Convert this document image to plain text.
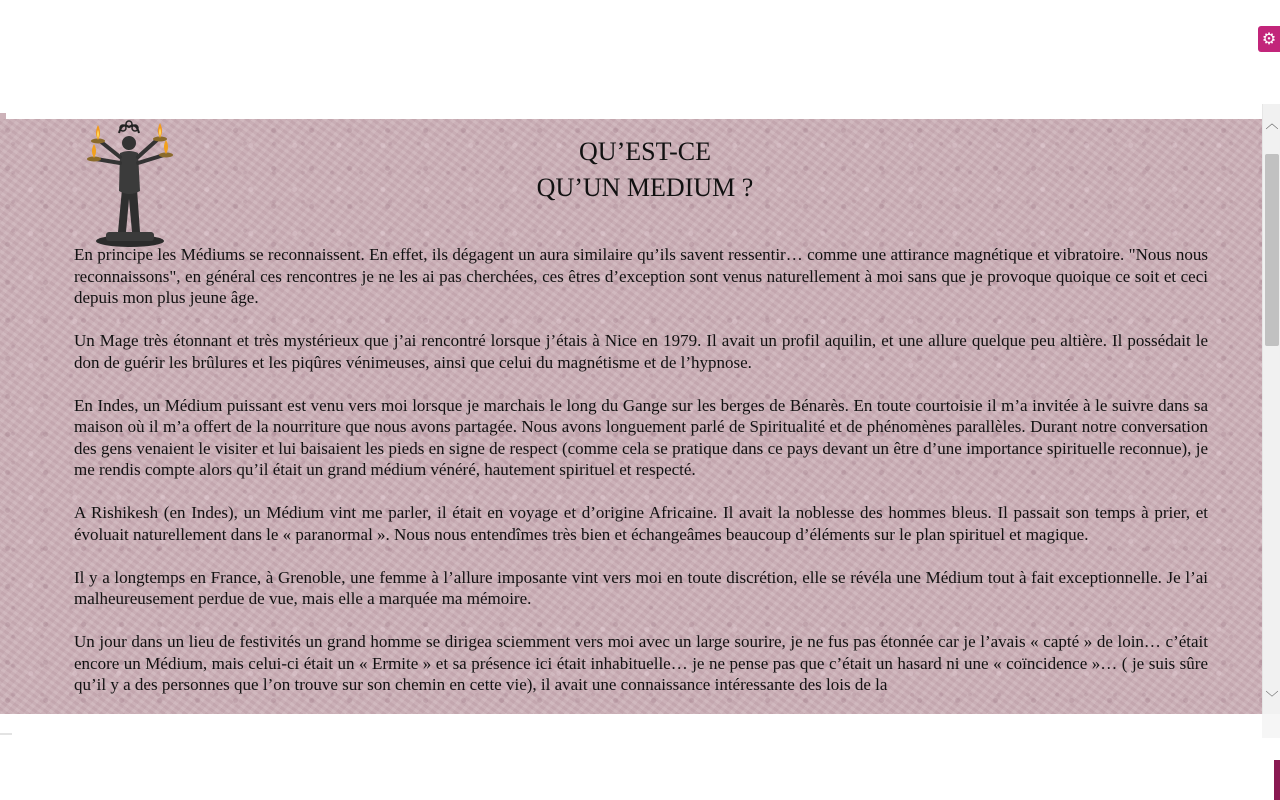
QU’EST-CE
QU’UN MEDIUM ?

En principe les Médiums se reconnaissent. En effet, ils dégagent un aura similaire qu’ils savent ressentir… comme une attirance magnétique et vibratoire. "Nous nous reconnaissons", en général ces rencontres je ne les ai pas cherchées, ces êtres d’exception sont venus naturellement à moi sans que je provoque quoique ce soit et ceci depuis mon plus jeune âge.

Un Mage très étonnant et très mystérieux que j’ai rencontré lorsque j’étais à Nice en 1979. Il avait un profil aquilin, et une allure quelque peu altière. Il possédait le don de guérir les brûlures et les piqûres vénimeuses, ainsi que celui du magnétisme et de l’hypnose.

En Indes, un Médium puissant est venu vers moi lorsque je marchais le long du Gange sur les berges de Bénarès. En toute courtoisie il m’a invitée à le suivre dans sa maison où il m’a offert de la nourriture que nous avons partagée. Nous avons longuement parlé de Spiritualité et de phénomènes parallèles. Durant notre conversation des gens venaient le visiter et lui baisaient les pieds en signe de respect (comme cela se pratique dans ce pays devant un être d’une importance spirituelle reconnue), je me rendis compte alors qu’il était un grand médium vénéré, hautement spirituel et respecté.

A Rishikesh (en Indes), un Médium vint me parler, il était en voyage et d’origine Africaine. Il avait la noblesse des hommes bleus. Il passait son temps à prier, et évoluait naturellement dans le « paranormal ». Nous nous entendîmes très bien et échangeâmes beaucoup d’éléments sur le plan spirituel et magique.

Il y a longtemps en France, à Grenoble, une femme à l’allure imposante vint vers moi en toute discrétion, elle se révéla une Médium tout à fait exceptionnelle. Je l’ai malheureusement perdue de vue, mais elle a marquée ma mémoire.

Un jour dans un lieu de festivités un grand homme se dirigea sciemment vers moi avec un large sourire, je ne fus pas étonnée car je l’avais « capté » de loin… c’était encore un Médium, mais celui-ci était un « Ermite » et sa présence ici était inhabituelle… je ne pense pas que c’était un hasard ni une « coïncidence »… ( je suis sûre qu’il y a des personnes que l’on trouve sur son chemin en cette vie), il avait une connaissance intéressante des lois de la

︿
﹀
⚙
